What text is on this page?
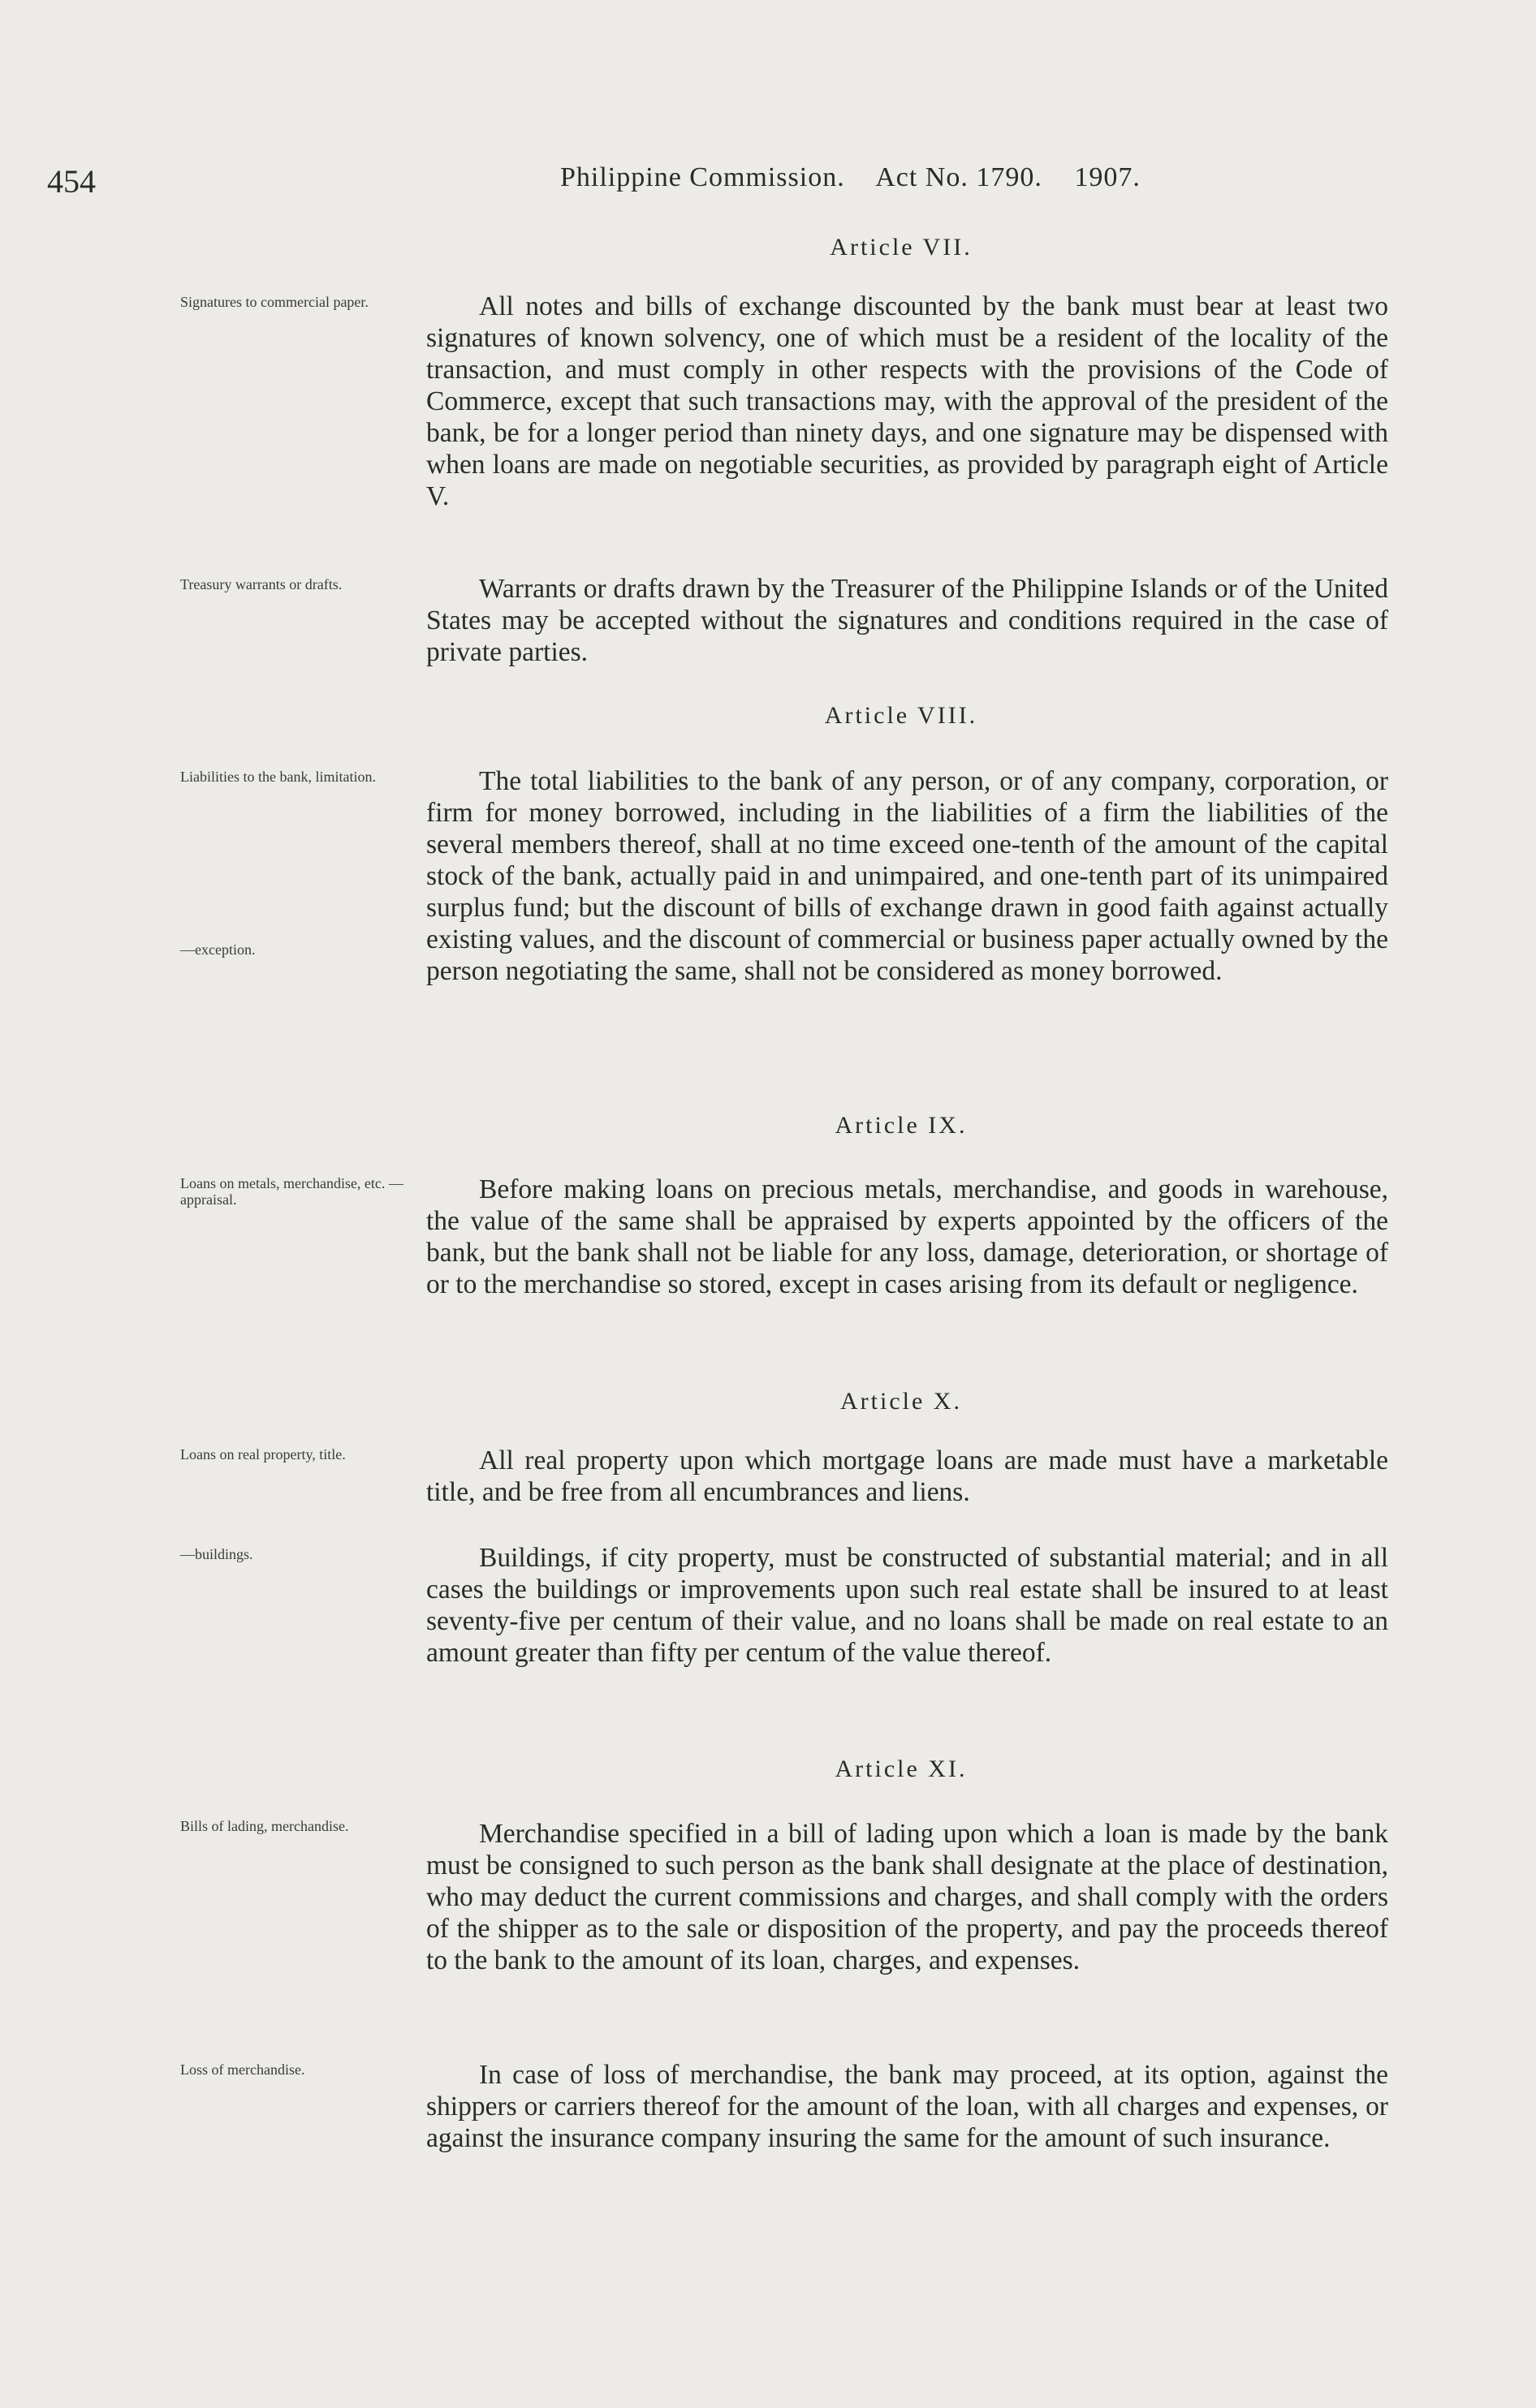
454	Philippine Commission. Act No. 1790. 1907.
Article VII.
Signatures to commercial paper.	All notes and bills of exchange discounted by the bank must bear at least two signatures of known solvency, one of which must be a resident of the locality of the transaction, and must comply in other respects with the provisions of the Code of Commerce, except that such transactions may, with the approval of the president of the bank, be for a longer period than ninety days, and one signature may be dispensed with when loans are made on negotiable securities, as provided by paragraph eight of Article V.
Treasury warrants or drafts.	Warrants or drafts drawn by the Treasurer of the Philippine Islands or of the United States may be accepted without the signatures and conditions required in the case of private parties.
Article VIII.
Liabilities to the bank, limitation.
—exception.
The total liabilities to the bank of any person, or of any company, corporation, or firm for money borrowed, including in the liabilities of a firm the liabilities of the several members thereof, shall at no time exceed one-tenth of the amount of the capital stock of the bank, actually paid in and unimpaired, and one-tenth part of its unimpaired surplus fund; but the discount of bills of exchange drawn in good faith against actually existing values, and the discount of commercial or business paper actually owned by the person negotiating the same, shall not be considered as money borrowed.
Article IX.
Loans on metals, merchandise, etc. —appraisal.	Before making loans on precious metals, merchandise, and goods in warehouse, the value of the same shall be appraised by experts appointed by the officers of the bank, but the bank shall not be liable for any loss, damage, deterioration, or shortage of or to the merchandise so stored, except in cases arising from its default or negligence.
Article X.
Loans on real property, title.	All real property upon which mortgage loans are made must have a marketable title, and be free from all encumbrances and liens.
—buildings.	Buildings, if city property, must be constructed of substantial material; and in all cases the buildings or improvements upon such real estate shall be insured to at least seventy-five per centum of their value, and no loans shall be made on real estate to an amount greater than fifty per centum of the value thereof.
Article XI.
Bills of lading, merchandise.	Merchandise specified in a bill of lading upon which a loan is made by the bank must be consigned to such person as the bank shall designate at the place of destination, who may deduct the current commissions and charges, and shall comply with the orders of the shipper as to the sale or disposition of the property, and pay the proceeds thereof to the bank to the amount of its loan, charges, and expenses.
Loss of merchandise.	In case of loss of merchandise, the bank may proceed, at its option, against the shippers or carriers thereof for the amount of the loan, with all charges and expenses, or against the insurance company insuring the same for the amount of such insurance.
